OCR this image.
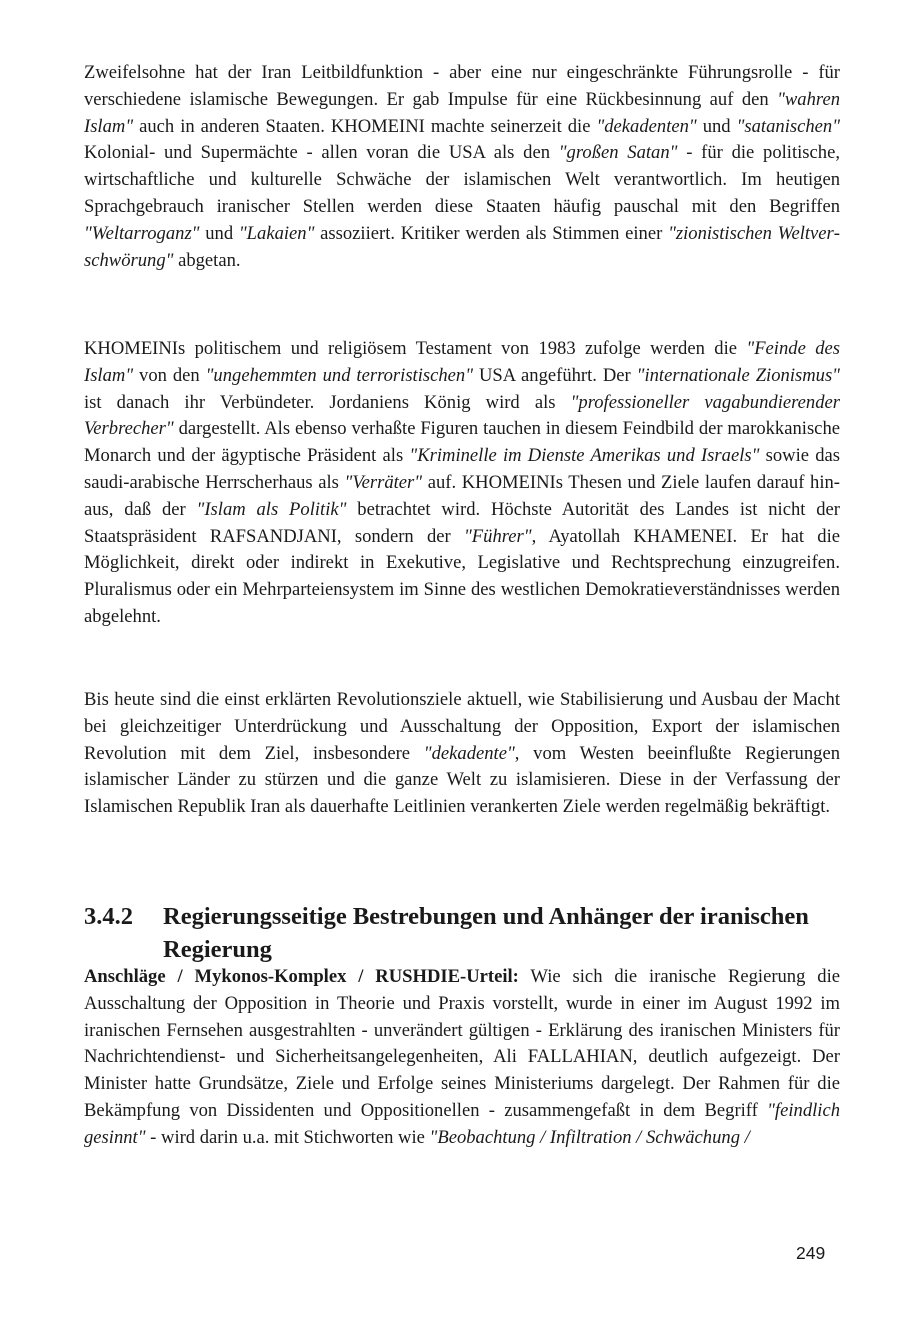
Zweifelsohne hat der Iran Leitbildfunktion - aber eine nur eingeschränkte Führungsrolle - für verschiedene islamische Bewegungen. Er gab Impulse für eine Rückbesinnung auf den "wahren Islam" auch in anderen Staaten. KHOMEINI machte seinerzeit die "dekadenten" und "satanischen" Kolonial- und Supermächte - allen voran die USA als den "großen Satan" - für die politische, wirtschaftliche und kulturelle Schwäche der islamischen Welt verantwortlich. Im heutigen Sprachgebrauch iranischer Stellen werden diese Staaten häufig pauschal mit den Begriffen "Weltarroganz" und "Lakaien" assoziiert. Kritiker werden als Stimmen einer "zionistischen Weltverschwörung" abgetan.
KHOMEINIs politischem und religiösem Testament von 1983 zufolge werden die "Feinde des Islam" von den "ungehemmten und terroristischen" USA angeführt. Der "internationale Zionismus" ist danach ihr Verbündeter. Jordaniens König wird als "professioneller vagabundierender Verbrecher" dargestellt. Als ebenso verhaßte Figuren tauchen in diesem Feindbild der marokkanische Monarch und der ägyptische Präsident als "Kriminelle im Dienste Amerikas und Israels" sowie das saudi-arabische Herrscherhaus als "Verräter" auf. KHOMEINIs Thesen und Ziele laufen darauf hinaus, daß der "Islam als Politik" betrachtet wird. Höchste Autorität des Landes ist nicht der Staatspräsident RAFSANDJANI, sondern der "Führer", Ayatollah KHAMENEI. Er hat die Möglichkeit, direkt oder indirekt in Exekutive, Legislative und Rechtsprechung einzugreifen. Pluralismus oder ein Mehrparteiensystem im Sinne des westlichen Demokratieverständnisses werden abgelehnt.
Bis heute sind die einst erklärten Revolutionsziele aktuell, wie Stabilisierung und Ausbau der Macht bei gleichzeitiger Unterdrückung und Ausschaltung der Opposition, Export der islamischen Revolution mit dem Ziel, insbesondere "dekadente", vom Westen beeinflußte Regierungen islamischer Länder zu stürzen und die ganze Welt zu islamisieren. Diese in der Verfassung der Islamischen Republik Iran als dauerhafte Leitlinien verankerten Ziele werden regelmäßig bekräftigt.
3.4.2 Regierungsseitige Bestrebungen und Anhänger der iranischen Regierung
Anschläge / Mykonos-Komplex / RUSHDIE-Urteil: Wie sich die iranische Regierung die Ausschaltung der Opposition in Theorie und Praxis vorstellt, wurde in einer im August 1992 im iranischen Fernsehen ausgestrahlten - unverändert gültigen - Erklärung des iranischen Ministers für Nachrichtendienst- und Sicherheitsangelegenheiten, Ali FALLAHIAN, deutlich aufgezeigt. Der Minister hatte Grundsätze, Ziele und Erfolge seines Ministeriums dargelegt. Der Rahmen für die Bekämpfung von Dissidenten und Oppositionellen - zusammengefaßt in dem Begriff "feindlich gesinnt" - wird darin u.a. mit Stichworten wie "Beobachtung / Infiltration / Schwächung /
249
